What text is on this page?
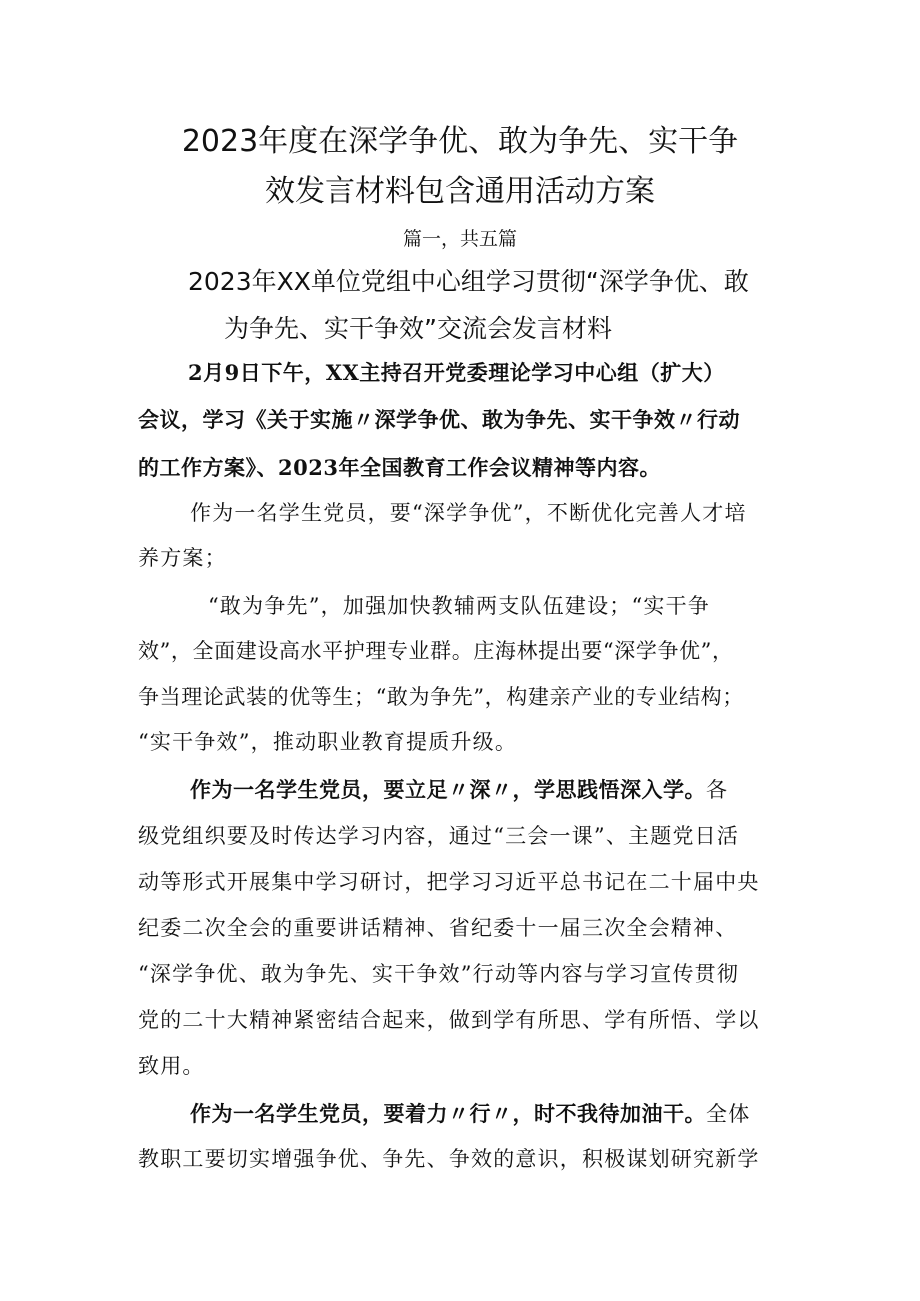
2023年度在深学争优、敢为争先、实干争

效发言材料包含通用活动方案

篇一，共五篇

2023年XX单位党组中心组学习贯彻“深学争优、敢

为争先、实干争效”交流会发言材料

2月9日下午，XX主持召开党委理论学习中心组（扩大）

会议，学习《关于实施〃深学争优、敢为争先、实干争效〃行动

的工作方案》、2023年全国教育工作会议精神等内容。

作为一名学生党员，要“深学争优”，不断优化完善人才培

养方案；

“敢为争先”，加强加快教辅两支队伍建设；“实干争

效”，全面建设高水平护理专业群。庄海林提出要“深学争优”，

争当理论武装的优等生；“敢为争先”，构建亲产业的专业结构；

“实干争效”，推动职业教育提质升级。

作为一名学生党员，要立足〃深〃，学思践悟深入学。各

级党组织要及时传达学习内容，通过“三会一课”、主题党日活

动等形式开展集中学习研讨，把学习习近平总书记在二十届中央

纪委二次全会的重要讲话精神、省纪委十一届三次全会精神、

“深学争优、敢为争先、实干争效”行动等内容与学习宣传贯彻

党的二十大精神紧密结合起来，做到学有所思、学有所悟、学以

致用。

作为一名学生党员，要着力〃行〃，时不我待加油干。全体

教职工要切实增强争优、争先、争效的意识，积极谋划研究新学
